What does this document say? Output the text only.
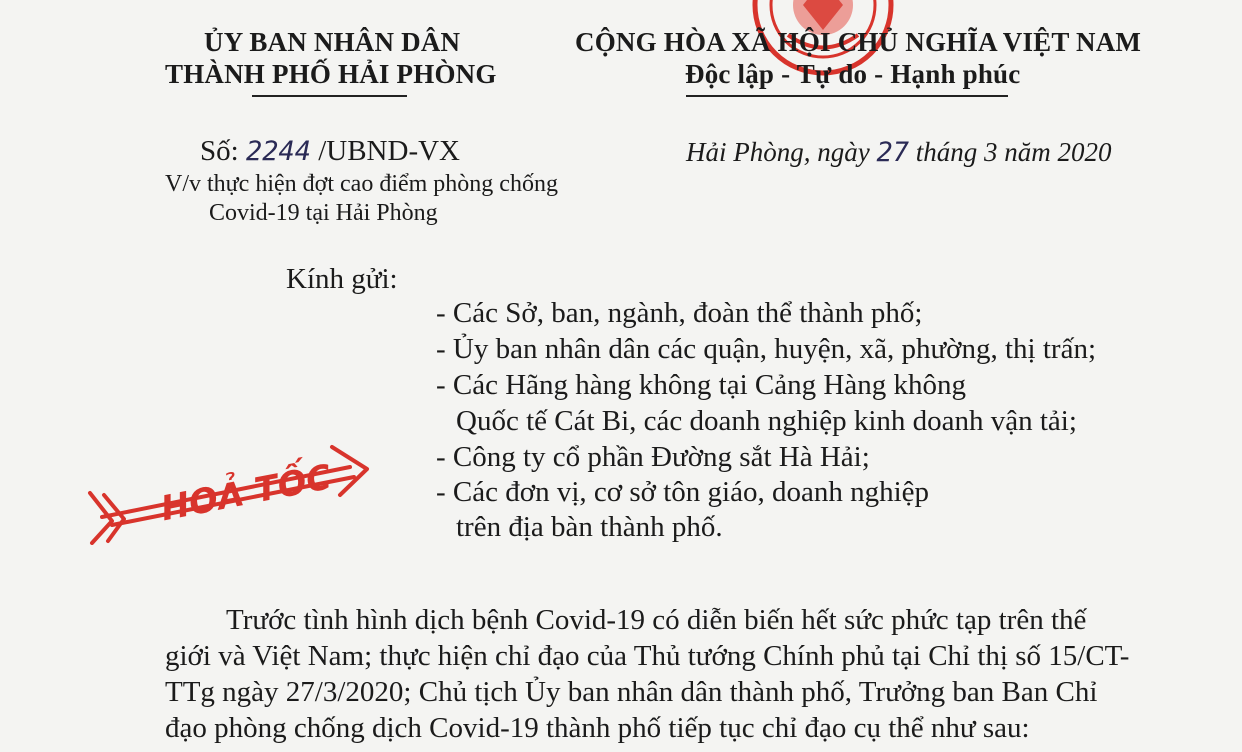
ỦY BAN NHÂN DÂN
THÀNH PHỐ HẢI PHÒNG
CỘNG HÒA XÃ HỘI CHỦ NGHĨA VIỆT NAM
Độc lập - Tự do - Hạnh phúc
Số: 2244 /UBND-VX
V/v thực hiện đợt cao điểm phòng chống
Covid-19 tại Hải Phòng
Hải Phòng, ngày 27 tháng 3 năm 2020
Kính gửi:
- Các Sở, ban, ngành, đoàn thể thành phố;
- Ủy ban nhân dân các quận, huyện, xã, phường, thị trấn;
- Các Hãng hàng không tại Cảng Hàng không
Quốc tế Cát Bi, các doanh nghiệp kinh doanh vận tải;
- Công ty cổ phần Đường sắt Hà Hải;
- Các đơn vị, cơ sở tôn giáo, doanh nghiệp
trên địa bàn thành phố.
HOẢ TỐC
Trước tình hình dịch bệnh Covid-19 có diễn biến hết sức phức tạp trên thế
giới và Việt Nam; thực hiện chỉ đạo của Thủ tướng Chính phủ tại Chỉ thị số 15/CT-
TTg ngày 27/3/2020; Chủ tịch Ủy ban nhân dân thành phố, Trưởng ban Ban Chỉ
đạo phòng chống dịch Covid-19 thành phố tiếp tục chỉ đạo cụ thể như sau:
